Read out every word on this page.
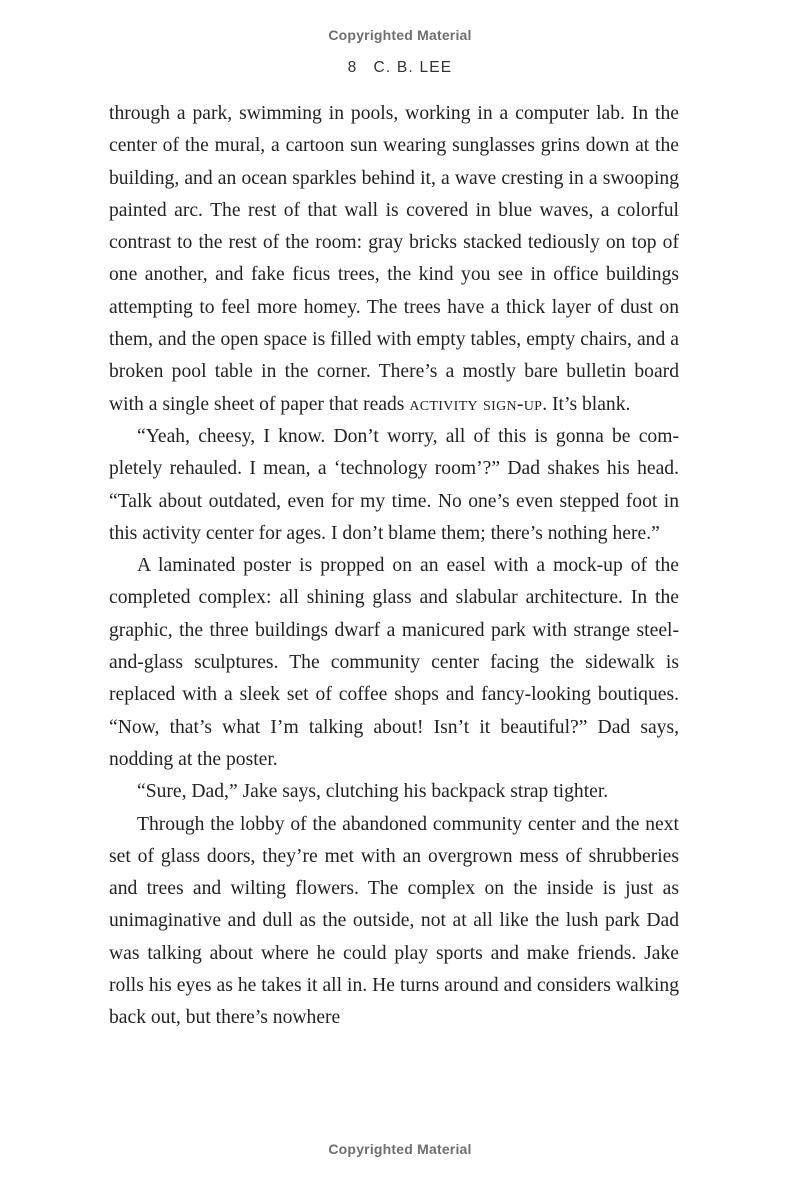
Copyrighted Material
8 C. B. LEE

through a park, swimming in pools, working in a computer lab. In the center of the mural, a cartoon sun wearing sunglasses grins down at the building, and an ocean sparkles behind it, a wave cresting in a swooping painted arc. The rest of that wall is covered in blue waves, a colorful contrast to the rest of the room: gray bricks stacked tediously on top of one another, and fake ficus trees, the kind you see in office buildings attempting to feel more homey. The trees have a thick layer of dust on them, and the open space is filled with empty tables, empty chairs, and a broken pool table in the corner. There’s a mostly bare bulletin board with a single sheet of paper that reads activity sign-up. It’s blank.

“Yeah, cheesy, I know. Don’t worry, all of this is gonna be completely rehauled. I mean, a ‘technology room’?” Dad shakes his head. “Talk about outdated, even for my time. No one’s even stepped foot in this activity center for ages. I don’t blame them; there’s nothing here.”

A laminated poster is propped on an easel with a mock-up of the completed complex: all shining glass and slabular architecture. In the graphic, the three buildings dwarf a manicured park with strange steel-and-glass sculptures. The community center facing the sidewalk is replaced with a sleek set of coffee shops and fancy-looking boutiques. “Now, that’s what I’m talking about! Isn’t it beautiful?” Dad says, nodding at the poster.

“Sure, Dad,” Jake says, clutching his backpack strap tighter.

Through the lobby of the abandoned community center and the next set of glass doors, they’re met with an overgrown mess of shrubberies and trees and wilting flowers. The complex on the inside is just as unimaginative and dull as the outside, not at all like the lush park Dad was talking about where he could play sports and make friends. Jake rolls his eyes as he takes it all in. He turns around and considers walking back out, but there’s nowhere

Copyrighted Material
